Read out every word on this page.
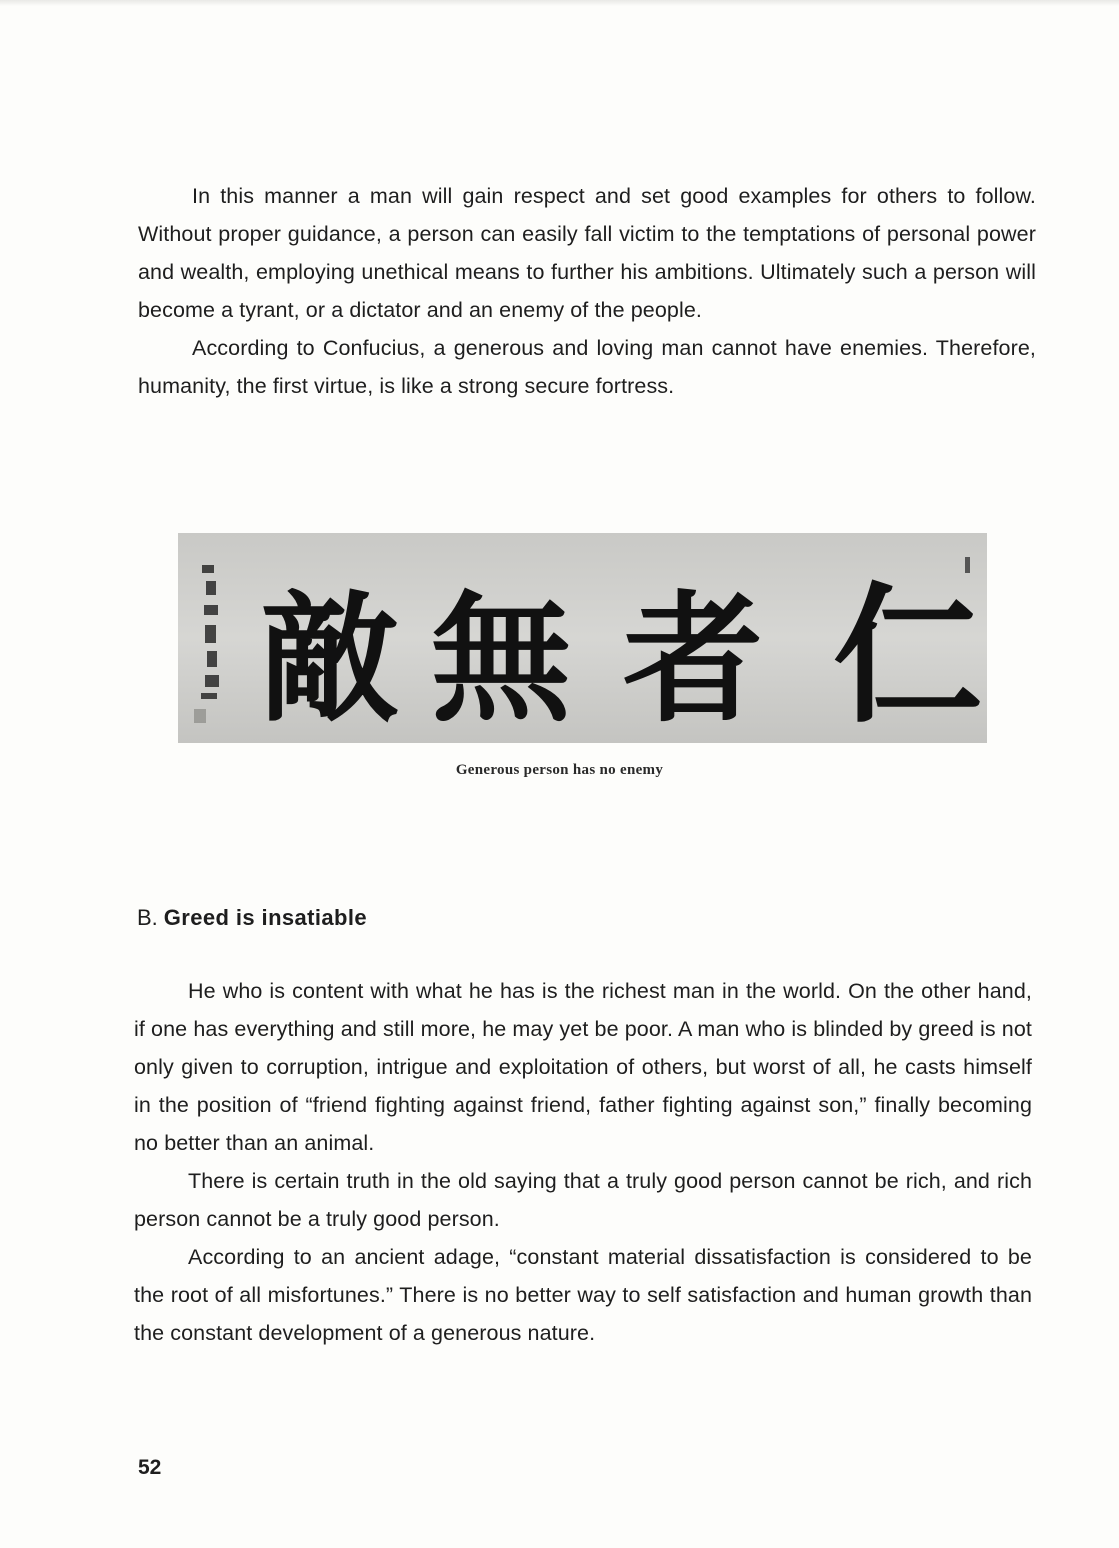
In this manner a man will gain respect and set good examples for others to follow. Without proper guidance, a person can easily fall victim to the temptations of personal power and wealth, employing unethical means to further his ambitions. Ultimately such a person will become a tyrant, or a dictator and an enemy of the people.

According to Confucius, a generous and loving man cannot have enemies. Therefore, humanity, the first virtue, is like a strong secure fortress.

仁
者
無
敵
Generous person has no enemy
B. Greed is insatiable

He who is content with what he has is the richest man in the world. On the other hand, if one has everything and still more, he may yet be poor. A man who is blinded by greed is not only given to corruption, intrigue and exploitation of others, but worst of all, he casts himself in the position of “friend fighting against friend, father fighting against son,” finally becoming no better than an animal.

There is certain truth in the old saying that a truly good person cannot be rich, and rich person cannot be a truly good person.

According to an ancient adage, “constant material dissatisfaction is considered to be the root of all misfortunes.” There is no better way to self satisfaction and human growth than the constant development of a generous nature.

52
